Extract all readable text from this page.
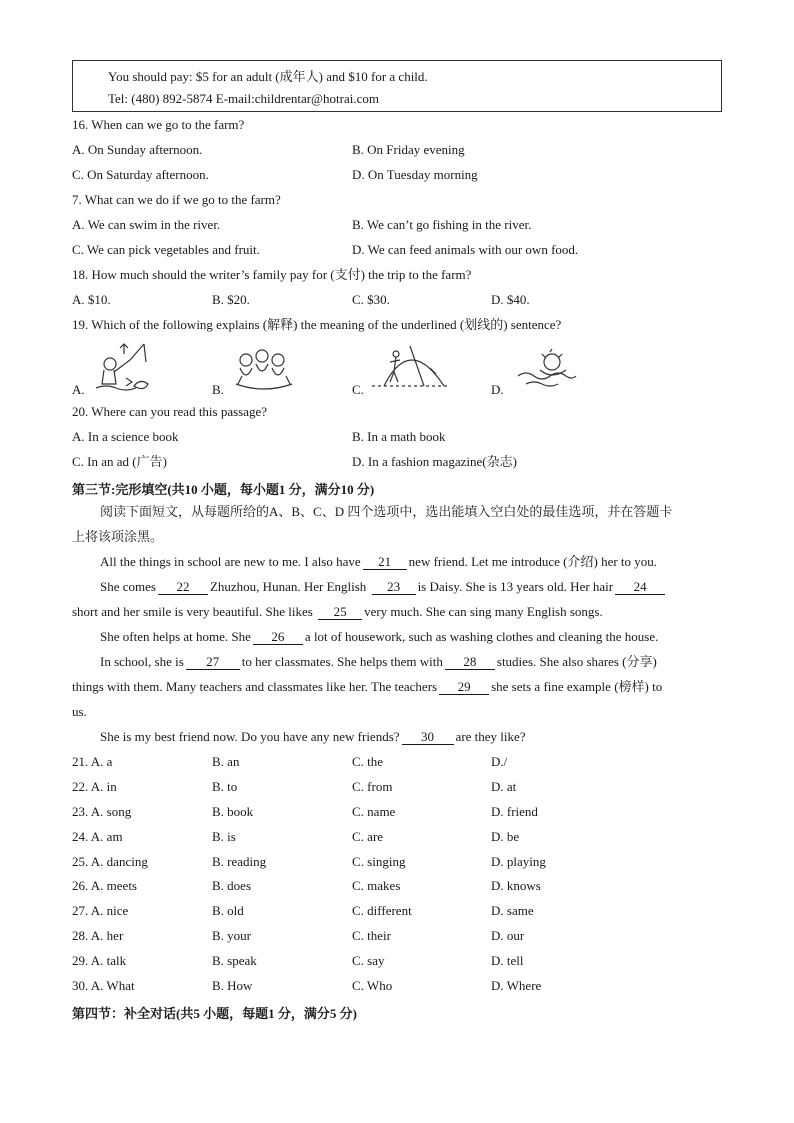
You should pay: $5 for an adult (成年人) and $10 for a child.
Tel: (480) 892-5874 E-mail:childrentar@hotrai.com
16. When can we go to the farm?
A. On Sunday afternoon.	B. On Friday evening
C. On Saturday afternoon.	D. On Tuesday morning
7. What can we do if we go to the farm?
A. We can swim in the river.	B. We can’t go fishing in the river.
C. We can pick vegetables and fruit.	D. We can feed animals with our own food.
18. How much should the writer’s family pay for (支付) the trip to the farm?
A. $10.	B. $20.	C. $30.	D. $40.
19. Which of the following explains (解释) the meaning of the underlined (划线的) sentence?
A.	B.	C.	D.
20. Where can you read this passage?
A. In a science book	B. In a math book
C. In an ad (广告)	D. In a fashion magazine(杂志)
第三节:完形填空(共10 小题，每小题1 分，满分10 分)
阅读下面短文，从每题所给的A、B、C、D 四个选项中，选出能填入空白处的最佳选项，并在答题卡
上将该项涂黑。
All the things in school are new to me. I also have 21 new friend. Let me introduce (介绍) her to you.
She comes 22 Zhuzhou, Hunan. Her English 23 is Daisy. She is 13 years old. Her hair 24
short and her smile is very beautiful. She likes 25 very much. She can sing many English songs.
She often helps at home. She 26 a lot of housework, such as washing clothes and cleaning the house.
In school, she is 27 to her classmates. She helps them with 28 studies. She also shares (分享)
things with them. Many teachers and classmates like her. The teachers 29 she sets a fine example (榜样) to
us.
She is my best friend now. Do you have any new friends? 30 are they like?
21. A. a	B. an	C. the	D./
22. A. in	B. to	C. from	D. at
23. A. song	B. book	C. name	D. friend
24. A. am	B. is	C. are	D. be
25. A. dancing	B. reading	C. singing	D. playing
26. A. meets	B. does	C. makes	D. knows
27. A. nice	B. old	C. different	D. same
28. A. her	B. your	C. their	D. our
29. A. talk	B. speak	C. say	D. tell
30. A. What	B. How	C. Who	D. Where
第四节：补全对话(共5 小题，每题1 分，满分5 分)
